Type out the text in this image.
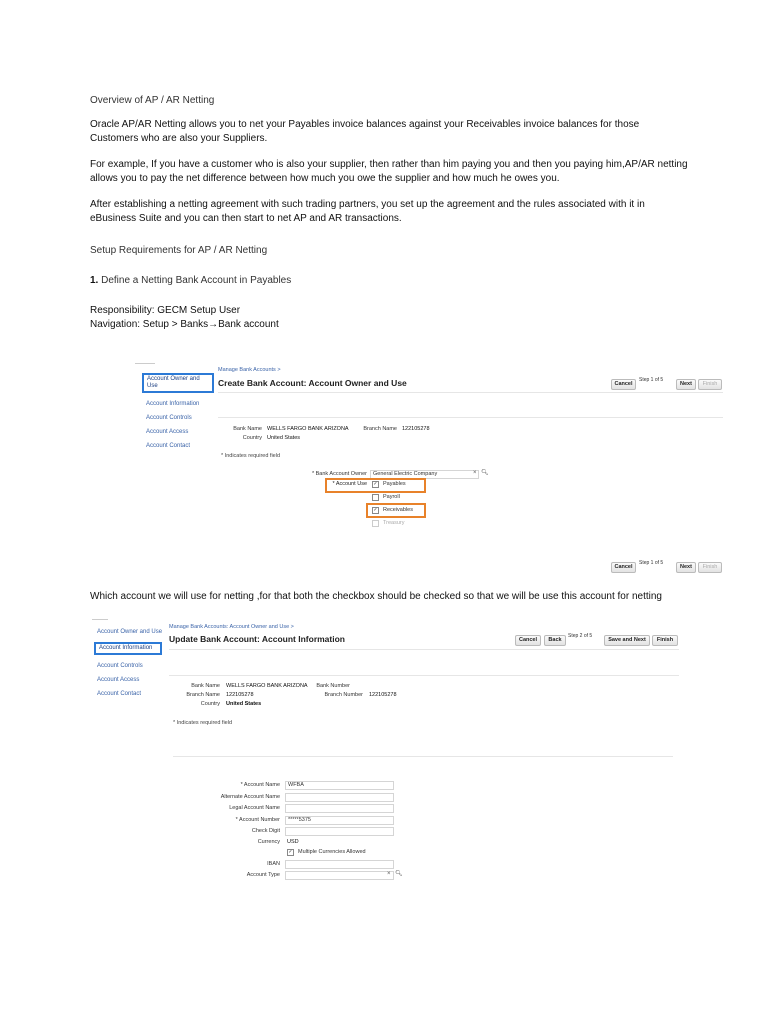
Overview of AP / AR Netting

Oracle AP/AR Netting allows you to net your Payables invoice balances against your Receivables invoice balances for those Customers who are also your Suppliers.

For example, If you have a customer who is also your supplier, then rather than him paying you and then you paying him,AP/AR netting allows you to pay the net difference between how much you owe the supplier and how much he owes you.

After establishing a netting agreement with such trading partners, you set up the agreement and the rules associated with it in eBusiness Suite and you can then start to net AP and AR transactions.

Setup Requirements for AP / AR Netting

1. Define a Netting Bank Account in Payables

Responsibility: GECM Setup User

Navigation: Setup > Banks→Bank account

Account Owner and Use
Account Information
Account Controls
Account Access
Account Contact
Manage Bank Accounts >
Create Bank Account: Account Owner and Use	Cancel
Step 1 of 5
Next	Finish
Bank Name WELLS FARGO BANK ARIZONA	Branch Name 122105278
Country United States
* Indicates required field
* Bank Account Owner	General Electric Company	× 🔍︎
* Account Use ✓ Payables
Payroll
✓ Receivables
Treasury
Cancel
Step 1 of 5
Next	Finish

Which account we will use for netting ,for that both the checkbox should be checked so that we will be use this account for netting

Account Owner and Use
Account Information
Account Controls
Account Access
Account Contact
Manage Bank Accounts: Account Owner and Use >
Update Bank Account: Account Information	Cancel	Back
Step 2 of 5
Save and Next	Finish
Bank Name WELLS FARGO BANK ARIZONA	Bank Number
Branch Name 122105278	Branch Number 122105278
Country United States
* Indicates required field
* Account Name	WFBA
Alternate Account Name
Legal Account Name
* Account Number	*****5375
Check Digit
Currency USD
✓ Multiple Currencies Allowed
IBAN
Account Type	× 🔍︎
